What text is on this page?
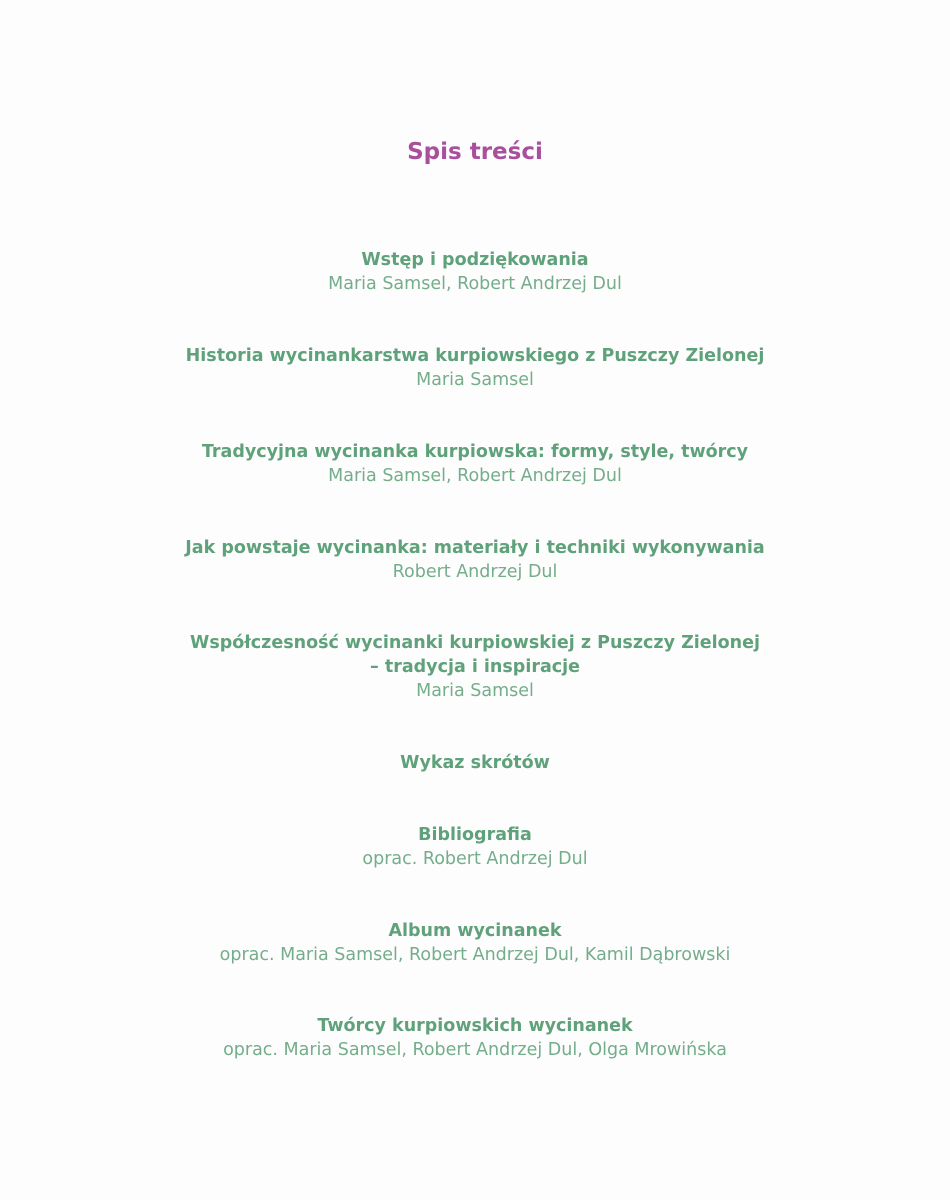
Spis treści
Wstęp i podziękowania
Maria Samsel, Robert Andrzej Dul
Historia wycinankarstwa kurpiowskiego z Puszczy Zielonej
Maria Samsel
Tradycyjna wycinanka kurpiowska: formy, style, twórcy
Maria Samsel, Robert Andrzej Dul
Jak powstaje wycinanka: materiały i techniki wykonywania
Robert Andrzej Dul
Współczesność wycinanki kurpiowskiej z Puszczy Zielonej
– tradycja i inspiracje
Maria Samsel
Wykaz skrótów
Bibliografia
oprac. Robert Andrzej Dul
Album wycinanek
oprac. Maria Samsel, Robert Andrzej Dul, Kamil Dąbrowski
Twórcy kurpiowskich wycinanek
oprac. Maria Samsel, Robert Andrzej Dul, Olga Mrowińska
